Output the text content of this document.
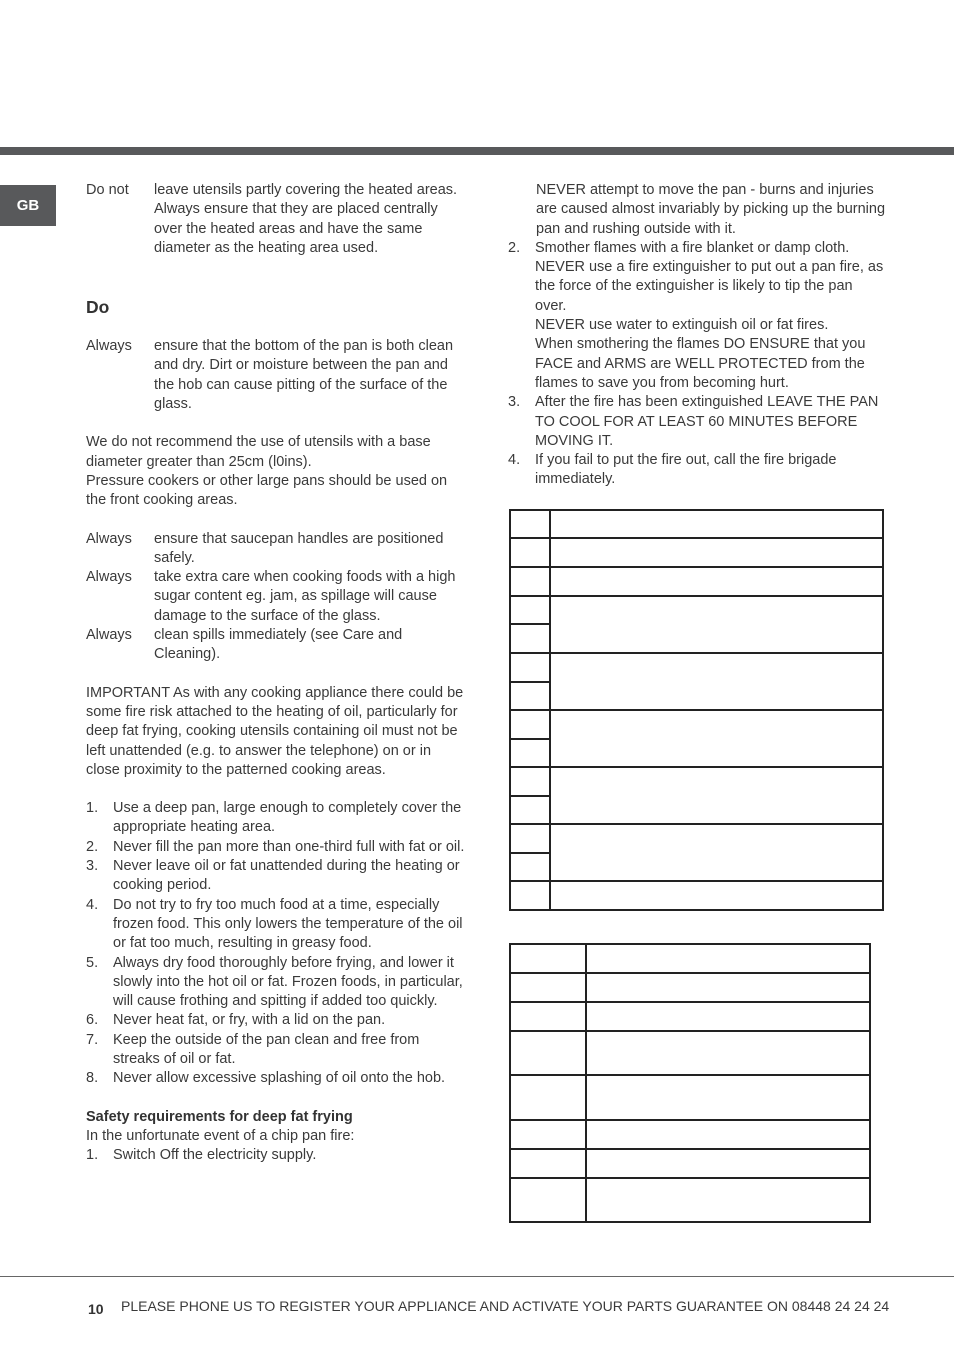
GB
Do not	leave utensils partly covering the heated areas. Always ensure that they are placed centrally over the heated areas and have the same diameter as the heating area used.
Do
Always	ensure that the bottom of the pan is both clean and dry. Dirt or moisture between the pan and the hob can cause pitting of the surface of the glass.

We do not recommend the use of utensils with a base diameter greater than 25cm (l0ins).

Pressure cookers or other large pans should be used on the front cooking areas.

Always	ensure that saucepan handles are positioned safely.
Always	take extra care when cooking foods with a high sugar content eg. jam, as spillage will cause damage to the surface of the glass.
Always	clean spills immediately (see Care and Cleaning).

IMPORTANT As with any cooking appliance there could be some fire risk attached to the heating of oil, particularly for deep fat frying, cooking utensils containing oil must not be left unattended (e.g. to answer the telephone) on or in close proximity to the patterned cooking areas.

1.	Use a deep pan, large enough to completely cover the appropriate heating area.
2.	Never fill the pan more than one-third full with fat or oil.
3.	Never leave oil or fat unattended during the heating or cooking period.
4.	Do not try to fry too much food at a time, especially frozen food. This only lowers the temperature of the oil or fat too much, resulting in greasy food.
5.	Always dry food thoroughly before frying, and lower it slowly into the hot oil or fat. Frozen foods, in particular, will cause frothing and spitting if added too quickly.
6.	Never heat fat, or fry, with a lid on the pan.
7.	Keep the outside of the pan clean and free from streaks of oil or fat.
8.	Never allow excessive splashing of oil onto the hob.

Safety requirements for deep fat frying

In the unfortunate event of a chip pan fire:

1.	Switch Off the electricity supply.

NEVER attempt to move the pan - burns and injuries are caused almost invariably by picking up the burning pan and rushing outside with it.

2.	Smother flames with a fire blanket or damp cloth.
NEVER use a fire extinguisher to put out a pan fire, as the force of the extinguisher is likely to tip the pan over.
NEVER use water to extinguish oil or fat fires.
When smothering the flames DO ENSURE that you FACE and ARMS are WELL PROTECTED from the flames to save you from becoming hurt.
3.	After the fire has been extinguished LEAVE THE PAN TO COOL FOR AT LEAST 60 MINUTES BEFORE MOVING IT.
4.	If you fail to put the fire out, call the fire brigade immediately.

10 PLEASE PHONE US TO REGISTER YOUR APPLIANCE AND ACTIVATE YOUR PARTS GUARANTEE ON 08448 24 24 24
